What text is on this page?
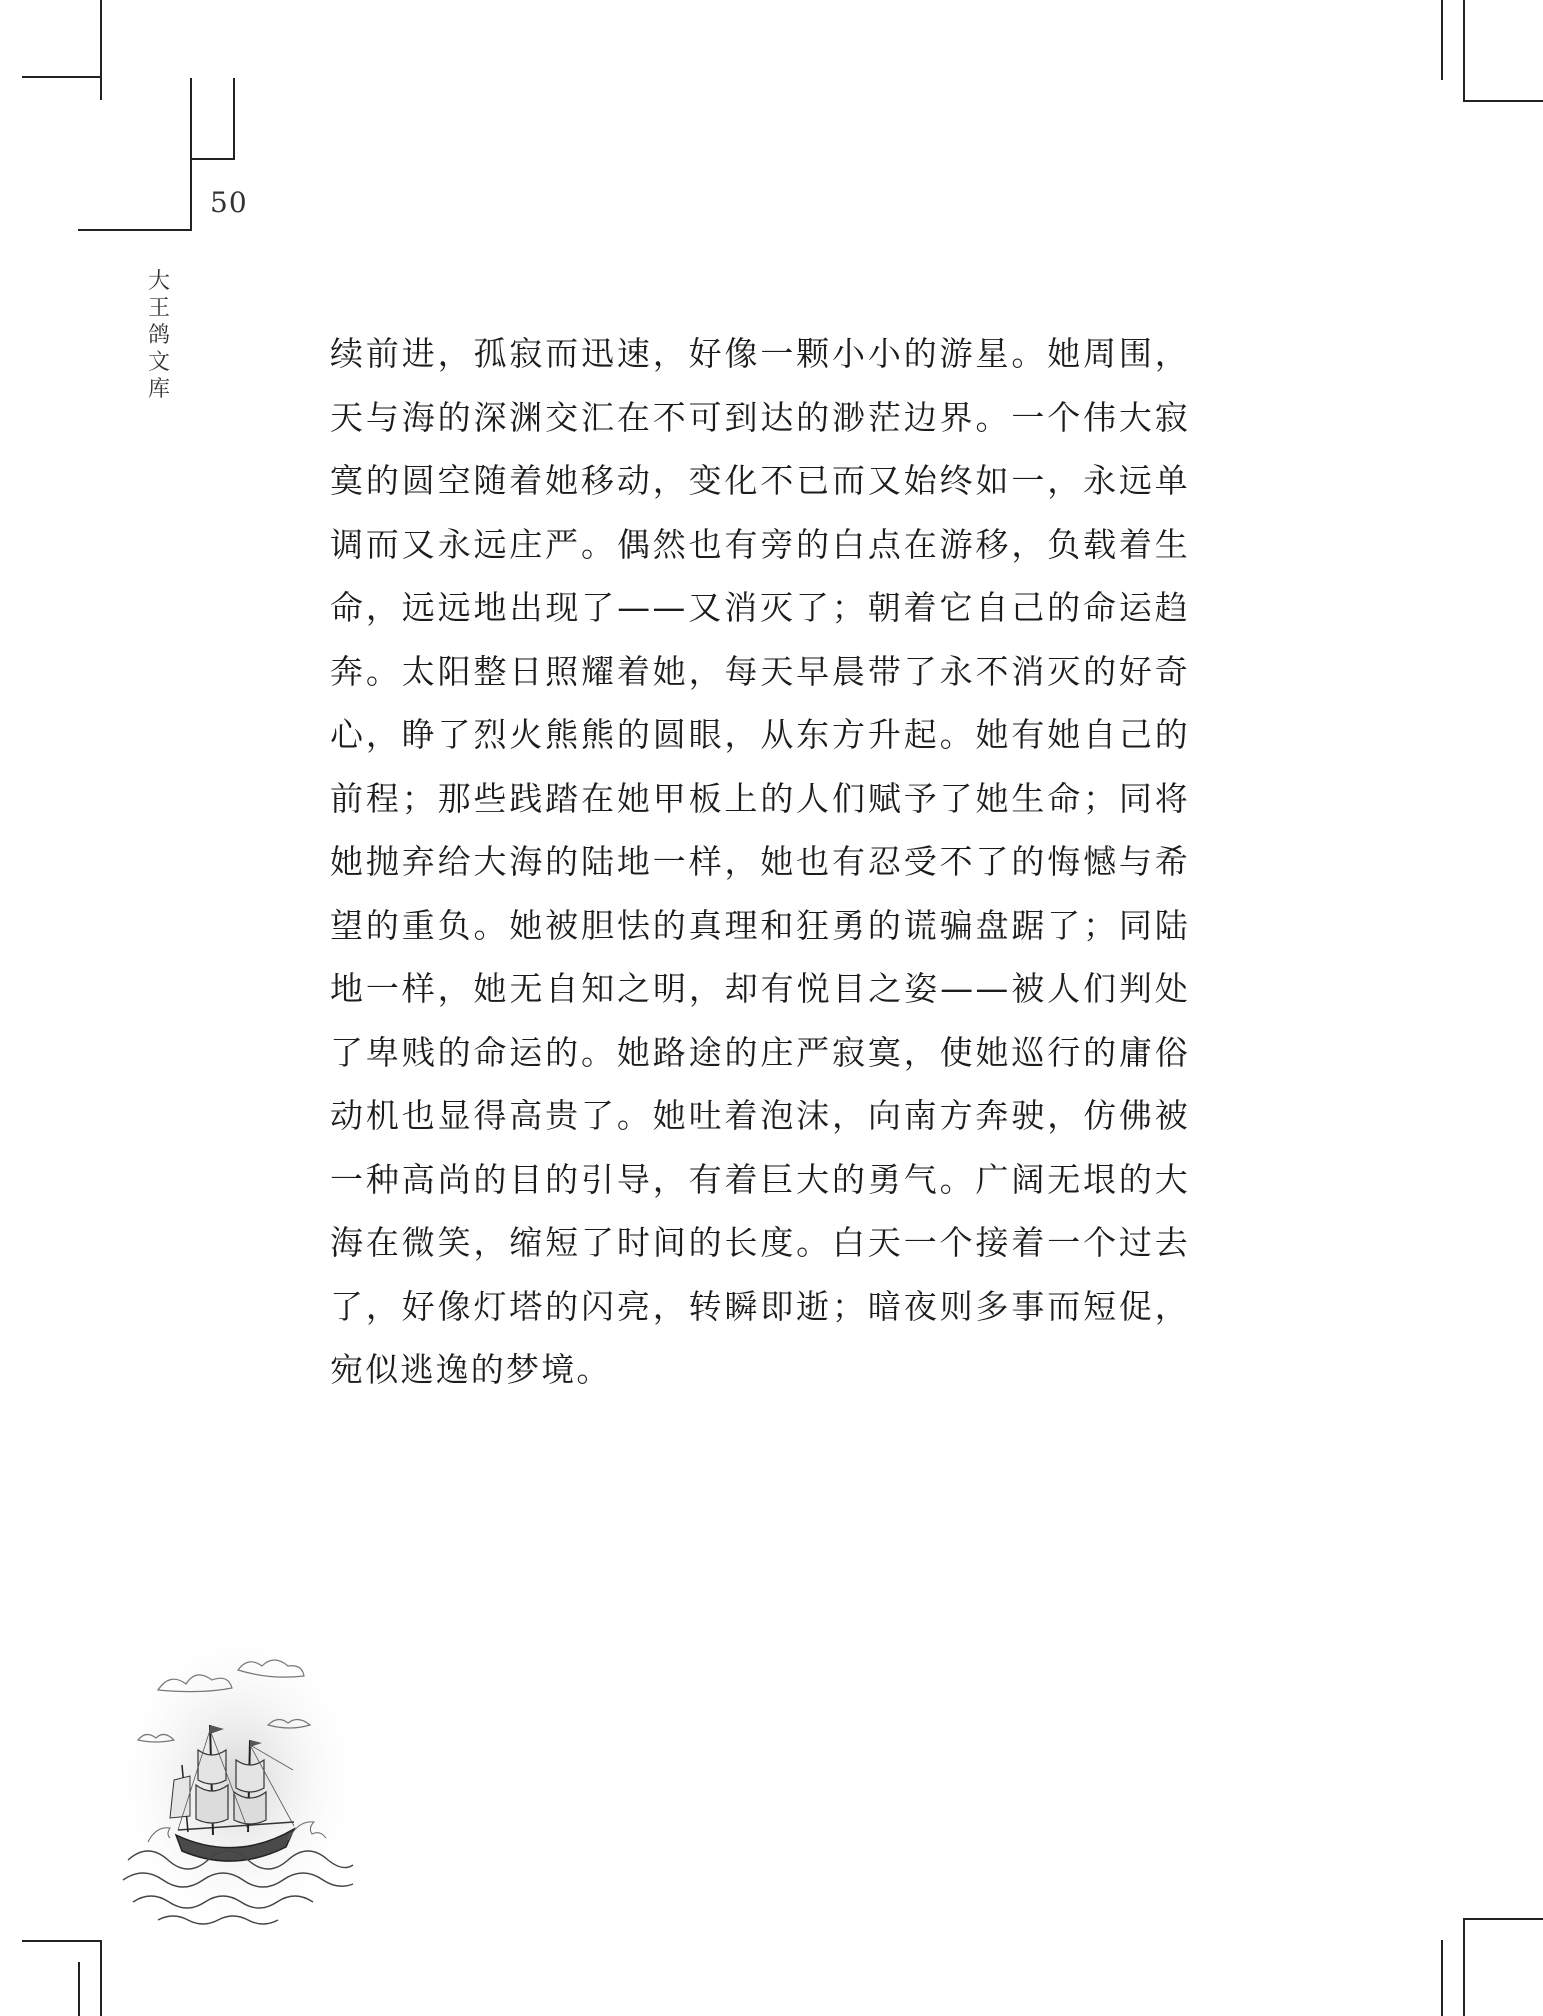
50
大王鸽文库

续前进，孤寂而迅速，好像一颗小小的游星。她周围，天与海的深渊交汇在不可到达的渺茫边界。一个伟大寂寞的圆空随着她移动，变化不已而又始终如一，永远单调而又永远庄严。偶然也有旁的白点在游移，负载着生命，远远地出现了——又消灭了；朝着它自己的命运趋奔。太阳整日照耀着她，每天早晨带了永不消灭的好奇心，睁了烈火熊熊的圆眼，从东方升起。她有她自己的前程；那些践踏在她甲板上的人们赋予了她生命；同将她抛弃给大海的陆地一样，她也有忍受不了的悔憾与希望的重负。她被胆怯的真理和狂勇的谎骗盘踞了；同陆地一样，她无自知之明，却有悦目之姿——被人们判处了卑贱的命运的。她路途的庄严寂寞，使她巡行的庸俗动机也显得高贵了。她吐着泡沫，向南方奔驶，仿佛被一种高尚的目的引导，有着巨大的勇气。广阔无垠的大海在微笑，缩短了时间的长度。白天一个接着一个过去了，好像灯塔的闪亮，转瞬即逝；暗夜则多事而短促，宛似逃逸的梦境。
